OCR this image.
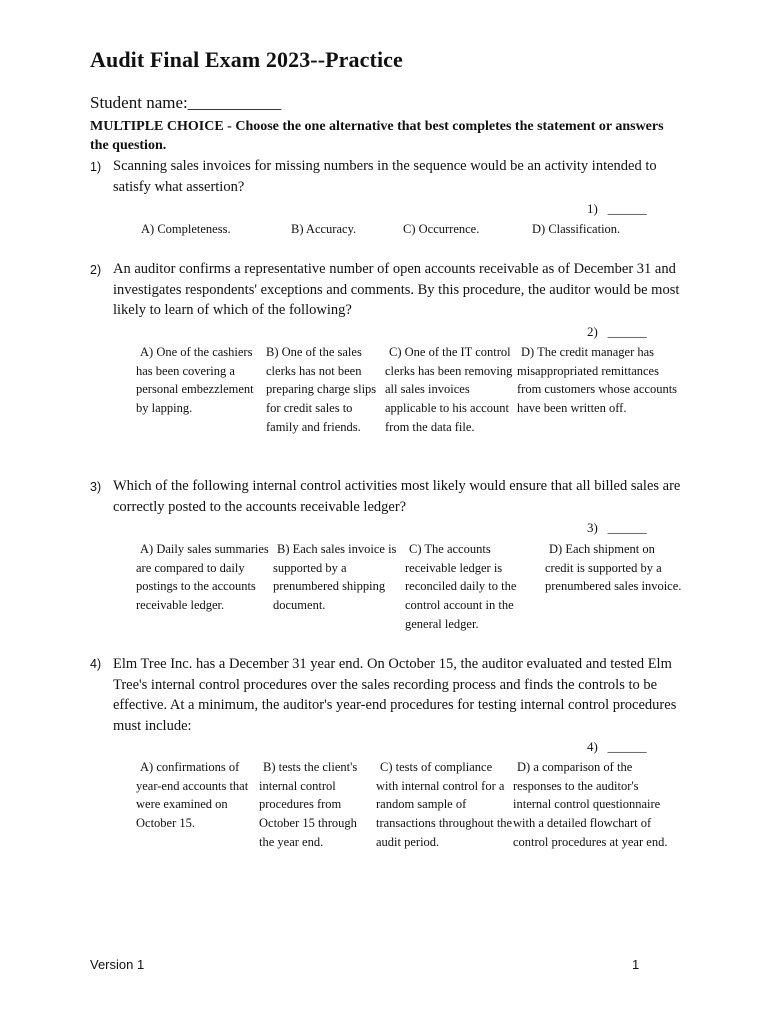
Audit Final Exam 2023--Practice
Student name:___________
MULTIPLE CHOICE - Choose the one alternative that best completes the statement or answers the question.
1) Scanning sales invoices for missing numbers in the sequence would be an activity intended to satisfy what assertion?
1)   ______
A) Completeness.	B) Accuracy.	C) Occurrence.	D) Classification.
2) An auditor confirms a representative number of open accounts receivable as of December 31 and investigates respondents' exceptions and comments. By this procedure, the auditor would be most likely to learn of which of the following?
2)   ______
A) One of the cashiers has been covering a personal embezzlement by lapping.
B) One of the sales clerks has not been preparing charge slips for credit sales to family and friends.
C) One of the IT control clerks has been removing all sales invoices applicable to his account from the data file.
D) The credit manager has misappropriated remittances from customers whose accounts have been written off.
3) Which of the following internal control activities most likely would ensure that all billed sales are correctly posted to the accounts receivable ledger?
3)   ______
A) Daily sales summaries are compared to daily postings to the accounts receivable ledger.
B) Each sales invoice is supported by a prenumbered shipping document.
C) The accounts receivable ledger is reconciled daily to the control account in the general ledger.
D) Each shipment on credit is supported by a prenumbered sales invoice.
4) Elm Tree Inc. has a December 31 year end. On October 15, the auditor evaluated and tested Elm Tree's internal control procedures over the sales recording process and finds the controls to be effective. At a minimum, the auditor's year-end procedures for testing internal control procedures must include:
4)   ______
A) confirmations of year-end accounts that were examined on October 15.
B) tests the client's internal control procedures from October 15 through the year end.
C) tests of compliance with internal control for a random sample of transactions throughout the audit period.
D) a comparison of the responses to the auditor's internal control questionnaire with a detailed flowchart of control procedures at year end.
Version 1	1
